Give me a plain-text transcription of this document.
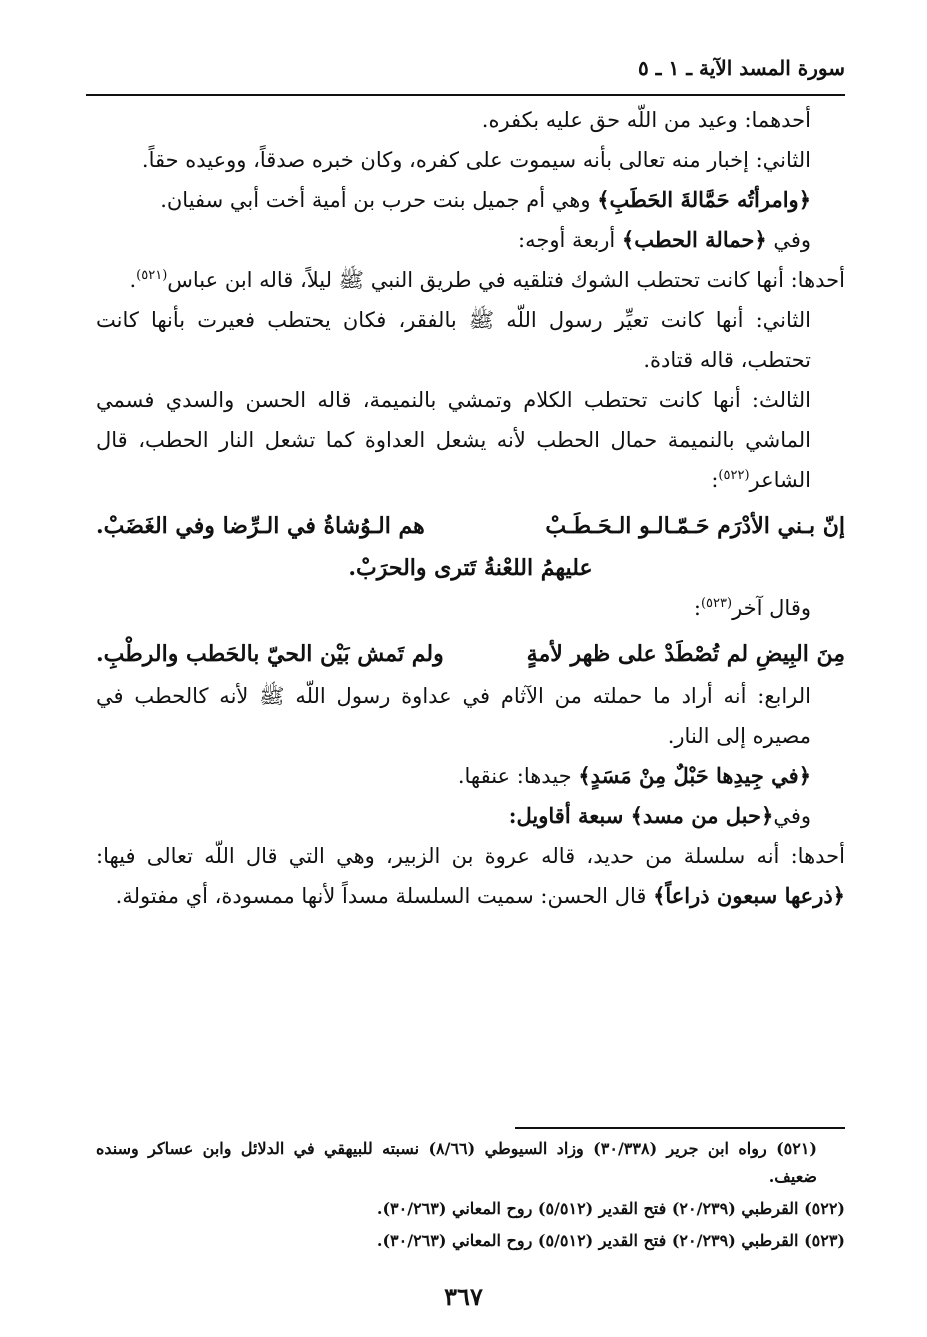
سورة المسد الآية ـ ١ ـ ٥

أحدهما: وعيد من اللّه حق عليه بكفره.

الثاني: إخبار منه تعالى بأنه سيموت على كفره، وكان خبره صدقاً، ووعيده حقاً.

﴿وامرأتُه حَمَّالةَ الحَطَبِ﴾ وهي أم جميل بنت حرب بن أمية أخت أبي سفيان.

وفي ﴿حمالة الحطب﴾ أربعة أوجه:

أحدها: أنها كانت تحتطب الشوك فتلقيه في طريق النبي ﷺ ليلاً، قاله ابن عباس$^{(٥٢١)}$.

الثاني: أنها كانت تعيِّر رسول اللّه ﷺ بالفقر، فكان يحتطب فعيرت بأنها كانت تحتطب، قاله قتادة.

الثالث: أنها كانت تحتطب الكلام وتمشي بالنميمة، قاله الحسن والسدي فسمي الماشي بالنميمة حمال الحطب لأنه يشعل العداوة كما تشعل النار الحطب، قال الشاعر$^{(٥٢٢)}$:

إنّ بـني الأدْرَم حَـمّـالـو الـحَـطَـبْ
هم الـوُشاةُ في الـرِّضا وفي الغَضَبْ.
عليهمُ اللعْنةُ تَترى والحرَبْ.

وقال آخر$^{(٥٢٣)}$:

مِنَ البِيضِ لم تُصْطَدْ على ظهر لأمةٍ
ولم تَمش بَيْن الحيّ بالحَطب والرطْبِ.

الرابع: أنه أراد ما حملته من الآثام في عداوة رسول اللّه ﷺ لأنه كالحطب في مصيره إلى النار.

﴿في جِيدِها حَبْلٌ مِنْ مَسَدٍ﴾ جيدها: عنقها.

وفي﴿حبل من مسد﴾ سبعة أقاويل:

أحدها: أنه سلسلة من حديد، قاله عروة بن الزبير، وهي التي قال اللّه تعالى فيها: ﴿ذرعها سبعون ذراعاً﴾ قال الحسن: سميت السلسلة مسداً لأنها ممسودة، أي مفتولة.

(٥٢١) رواه ابن جرير (٣٠/٣٣٨) وزاد السيوطي (٨/٦٦) نسبته للبيهقي في الدلائل وابن عساكر وسنده ضعيف.

(٥٢٢) القرطبي (٢٠/٢٣٩) فتح القدير (٥/٥١٢) روح المعاني (٣٠/٢٦٣).

(٥٢٣) القرطبي (٢٠/٢٣٩) فتح القدير (٥/٥١٢) روح المعاني (٣٠/٢٦٣).

٣٦٧
